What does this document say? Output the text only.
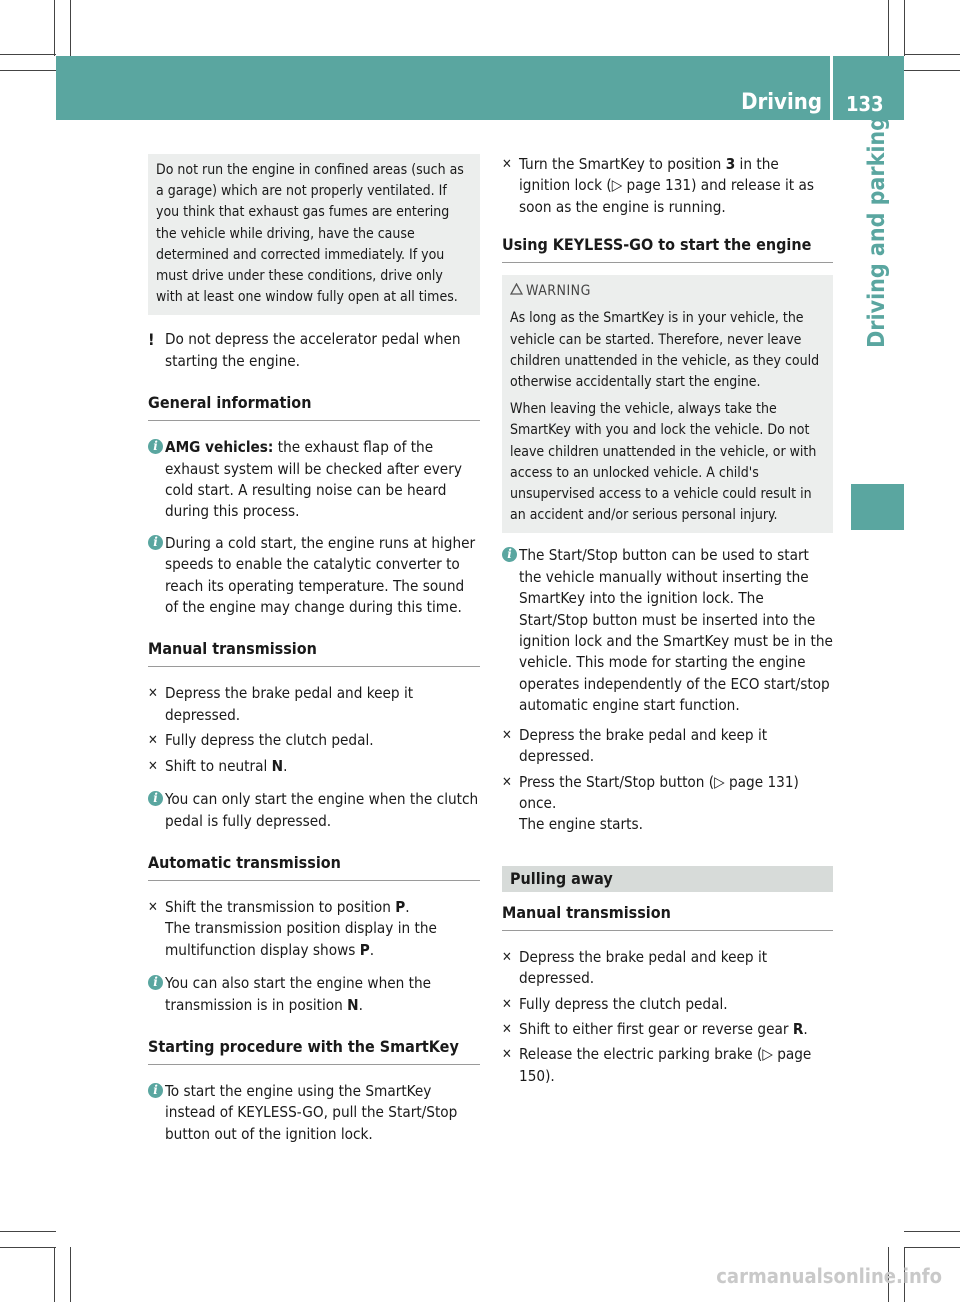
Driving 133
Driving and parking

Do not run the engine in confined areas (such as a garage) which are not properly ventilated. If you think that exhaust gas fumes are entering the vehicle while driving, have the cause determined and corrected immediately. If you must drive under these conditions, drive only with at least one window fully open at all times.

! Do not depress the accelerator pedal when starting the engine.

General information

i AMG vehicles: the exhaust flap of the exhaust system will be checked after every cold start. A resulting noise can be heard during this process.

i During a cold start, the engine runs at higher speeds to enable the catalytic converter to reach its operating temperature. The sound of the engine may change during this time.

Manual transmission

✕ Depress the brake pedal and keep it depressed.

✕ Fully depress the clutch pedal.

✕ Shift to neutral N.

i You can only start the engine when the clutch pedal is fully depressed.

Automatic transmission

✕ Shift the transmission to position P.
The transmission position display in the multifunction display shows P.

i You can also start the engine when the transmission is in position N.

Starting procedure with the SmartKey

i To start the engine using the SmartKey instead of KEYLESS-GO, pull the Start/Stop button out of the ignition lock.

✕ Turn the SmartKey to position 3 in the ignition lock (▷ page 131) and release it as soon as the engine is running.

Using KEYLESS-GO to start the engine

WARNING

As long as the SmartKey is in your vehicle, the vehicle can be started. Therefore, never leave children unattended in the vehicle, as they could otherwise accidentally start the engine.

When leaving the vehicle, always take the SmartKey with you and lock the vehicle. Do not leave children unattended in the vehicle, or with access to an unlocked vehicle. A child's unsupervised access to a vehicle could result in an accident and/or serious personal injury.

i The Start/Stop button can be used to start the vehicle manually without inserting the SmartKey into the ignition lock. The Start/Stop button must be inserted into the ignition lock and the SmartKey must be in the vehicle. This mode for starting the engine operates independently of the ECO start/stop automatic engine start function.

✕ Depress the brake pedal and keep it depressed.

✕ Press the Start/Stop button (▷ page 131) once.
The engine starts.

Pulling away

Manual transmission

✕ Depress the brake pedal and keep it depressed.

✕ Fully depress the clutch pedal.

✕ Shift to either first gear or reverse gear R.

✕ Release the electric parking brake (▷ page 150).

carmanualsonline.info
